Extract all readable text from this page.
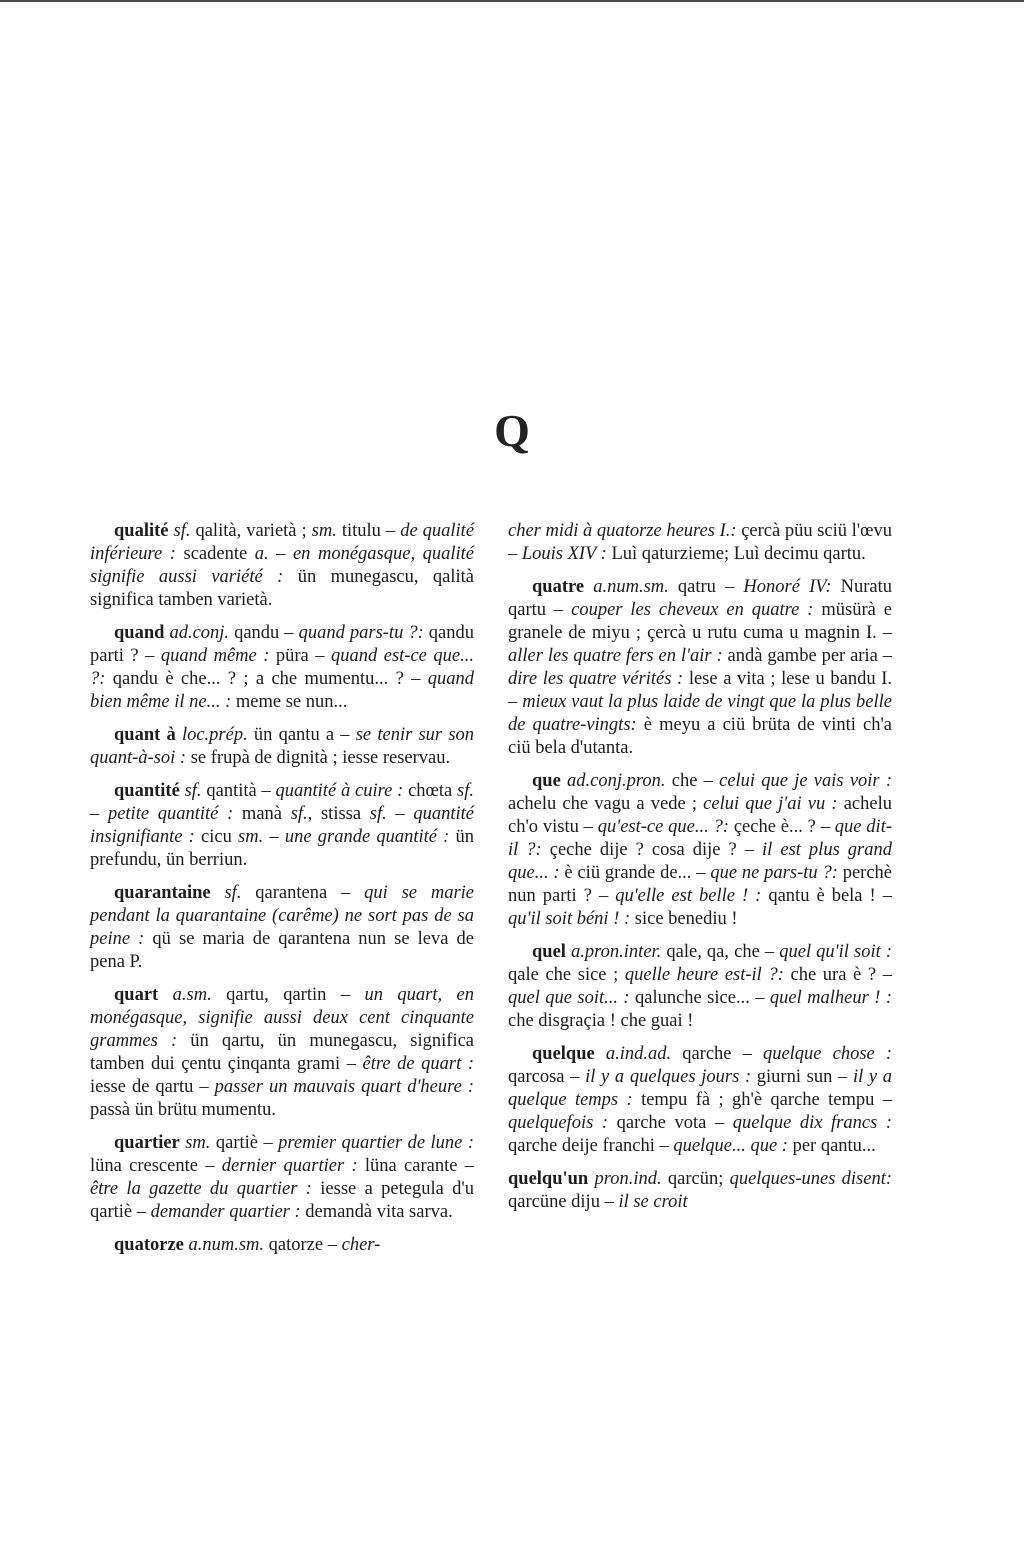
Q

qualité sf. qalità, varietà ; sm. titulu – de qualité inférieure : scadente a. – en monégasque, qualité signifie aussi variété : ün munegascu, qalità significa tamben varietà.

quand ad.conj. qandu – quand pars-tu ?: qandu parti ? – quand même : püra – quand est-ce que... ?: qandu è che... ? ; a che mumentu... ? – quand bien même il ne... : meme se nun...

quant à loc.prép. ün qantu a – se tenir sur son quant-à-soi : se frupà de dignità ; iesse reservau.

quantité sf. qantità – quantité à cuire : chœta sf. – petite quantité : manà sf., stissa sf. – quantité insignifiante : cicu sm. – une grande quantité : ün prefundu, ün berriun.

quarantaine sf. qarantena – qui se marie pendant la quarantaine (carême) ne sort pas de sa peine : qü se maria de qarantena nun se leva de pena P.

quart a.sm. qartu, qartin – un quart, en monégasque, signifie aussi deux cent cinquante grammes : ün qartu, ün munegascu, significa tamben dui çentu çinqanta grami – être de quart : iesse de qartu – passer un mauvais quart d'heure : passà ün brütu mumentu.

quartier sm. qartiè – premier quartier de lune : lüna crescente – dernier quartier : lüna carante – être la gazette du quartier : iesse a petegula d'u qartiè – demander quartier : demandà vita sarva.

quatorze a.num.sm. qatorze – cher-

cher midi à quatorze heures I.: çercà püu sciü l'œvu – Louis XIV : Luì qaturzieme; Luì decimu qartu.

quatre a.num.sm. qatru – Honoré IV: Nuratu qartu – couper les cheveux en quatre : müsürà e granele de miyu ; çercà u rutu cuma u magnin I. – aller les quatre fers en l'air : andà gambe per aria – dire les quatre vérités : lese a vita ; lese u bandu I. – mieux vaut la plus laide de vingt que la plus belle de quatre-vingts: è meyu a ciü brüta de vinti ch'a ciü bela d'utanta.

que ad.conj.pron. che – celui que je vais voir : achelu che vagu a vede ; celui que j'ai vu : achelu ch'o vistu – qu'est-ce que... ?: çeche è... ? – que dit-il ?: çeche dije ? cosa dije ? – il est plus grand que... : è ciü grande de... – que ne pars-tu ?: perchè nun parti ? – qu'elle est belle ! : qantu è bela ! – qu'il soit béni ! : sice benediu !

quel a.pron.inter. qale, qa, che – quel qu'il soit : qale che sice ; quelle heure est-il ?: che ura è ? – quel que soit... : qalunche sice... – quel malheur ! : che disgraçia ! che guai !

quelque a.ind.ad. qarche – quelque chose : qarcosa – il y a quelques jours : giurni sun – il y a quelque temps : tempu fà ; gh'è qarche tempu – quelquefois : qarche vota – quelque dix francs : qarche deije franchi – quelque... que : per qantu...

quelqu'un pron.ind. qarcün; quelques-unes disent: qarcüne diju – il se croit
